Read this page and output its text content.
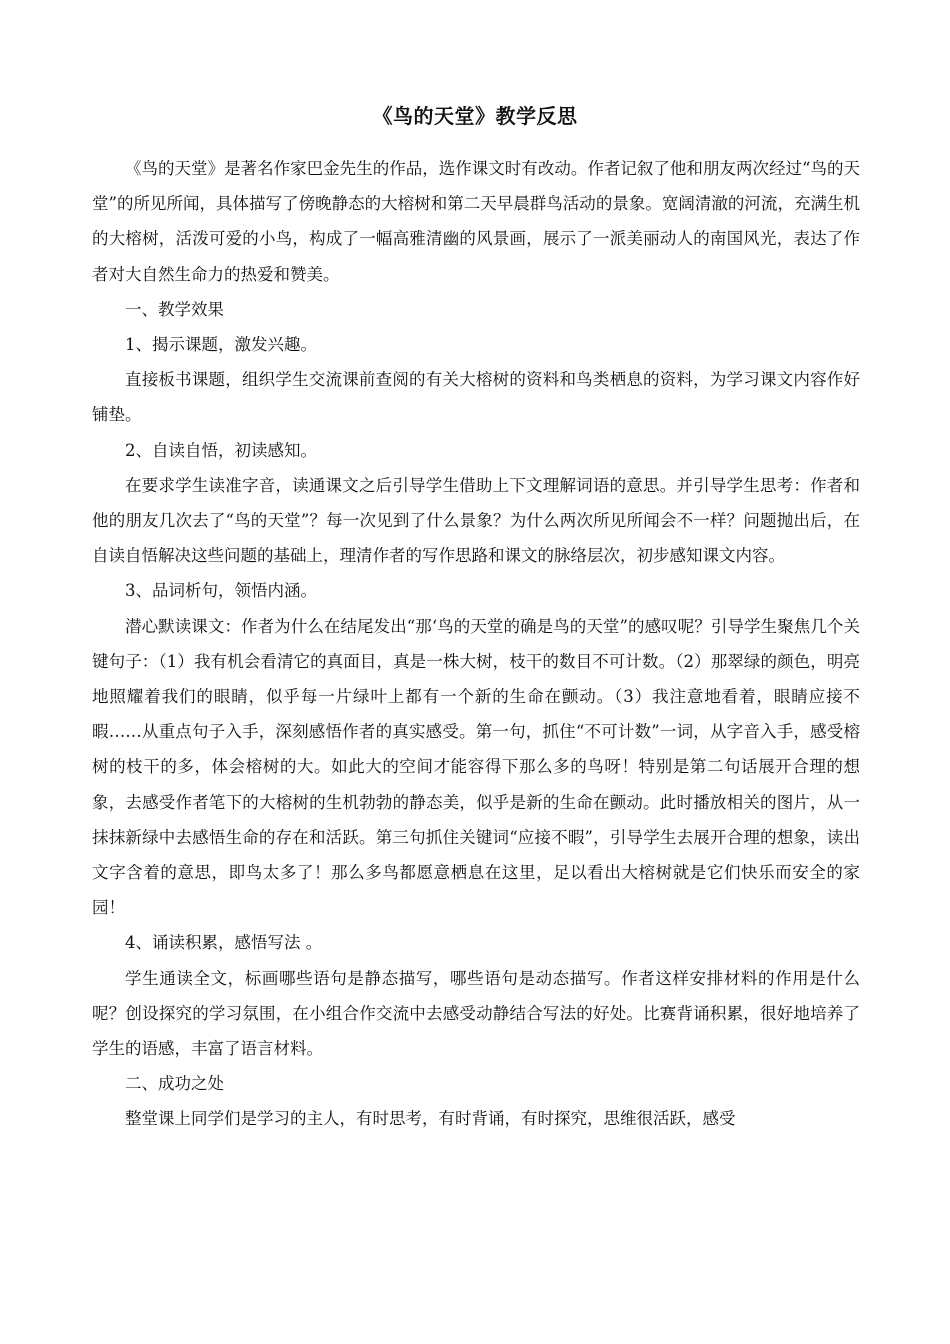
《鸟的天堂》教学反思

《鸟的天堂》是著名作家巴金先生的作品，选作课文时有改动。作者记叙了他和朋友两次经过“鸟的天堂”的所见所闻，具体描写了傍晚静态的大榕树和第二天早晨群鸟活动的景象。宽阔清澈的河流，充满生机的大榕树，活泼可爱的小鸟，构成了一幅高雅清幽的风景画，展示了一派美丽动人的南国风光，表达了作者对大自然生命力的热爱和赞美。

一、教学效果

1、揭示课题，激发兴趣。

直接板书课题，组织学生交流课前查阅的有关大榕树的资料和鸟类栖息的资料，为学习课文内容作好铺垫。

2、自读自悟，初读感知。

在要求学生读准字音，读通课文之后引导学生借助上下文理解词语的意思。并引导学生思考：作者和他的朋友几次去了“鸟的天堂”？每一次见到了什么景象？为什么两次所见所闻会不一样？问题抛出后，在自读自悟解决这些问题的基础上，理清作者的写作思路和课文的脉络层次，初步感知课文内容。

3、品词析句，领悟内涵。

潜心默读课文：作者为什么在结尾发出“那‘鸟的天堂的确是鸟的天堂”的感叹呢？引导学生聚焦几个关键句子：（1）我有机会看清它的真面目，真是一株大树，枝干的数目不可计数。（2）那翠绿的颜色，明亮地照耀着我们的眼睛，似乎每一片绿叶上都有一个新的生命在颤动。（3）我注意地看着，眼睛应接不暇……从重点句子入手，深刻感悟作者的真实感受。第一句，抓住“不可计数”一词，从字音入手，感受榕树的枝干的多，体会榕树的大。如此大的空间才能容得下那么多的鸟呀！特别是第二句话展开合理的想象，去感受作者笔下的大榕树的生机勃勃的静态美，似乎是新的生命在颤动。此时播放相关的图片，从一抹抹新绿中去感悟生命的存在和活跃。第三句抓住关键词“应接不暇”，引导学生去展开合理的想象，读出文字含着的意思，即鸟太多了！那么多鸟都愿意栖息在这里，足以看出大榕树就是它们快乐而安全的家园！

4、诵读积累，感悟写法 。

学生通读全文，标画哪些语句是静态描写，哪些语句是动态描写。作者这样安排材料的作用是什么呢？创设探究的学习氛围，在小组合作交流中去感受动静结合写法的好处。比赛背诵积累，很好地培养了学生的语感，丰富了语言材料。

二、成功之处

整堂课上同学们是学习的主人，有时思考，有时背诵，有时探究，思维很活跃，感受
